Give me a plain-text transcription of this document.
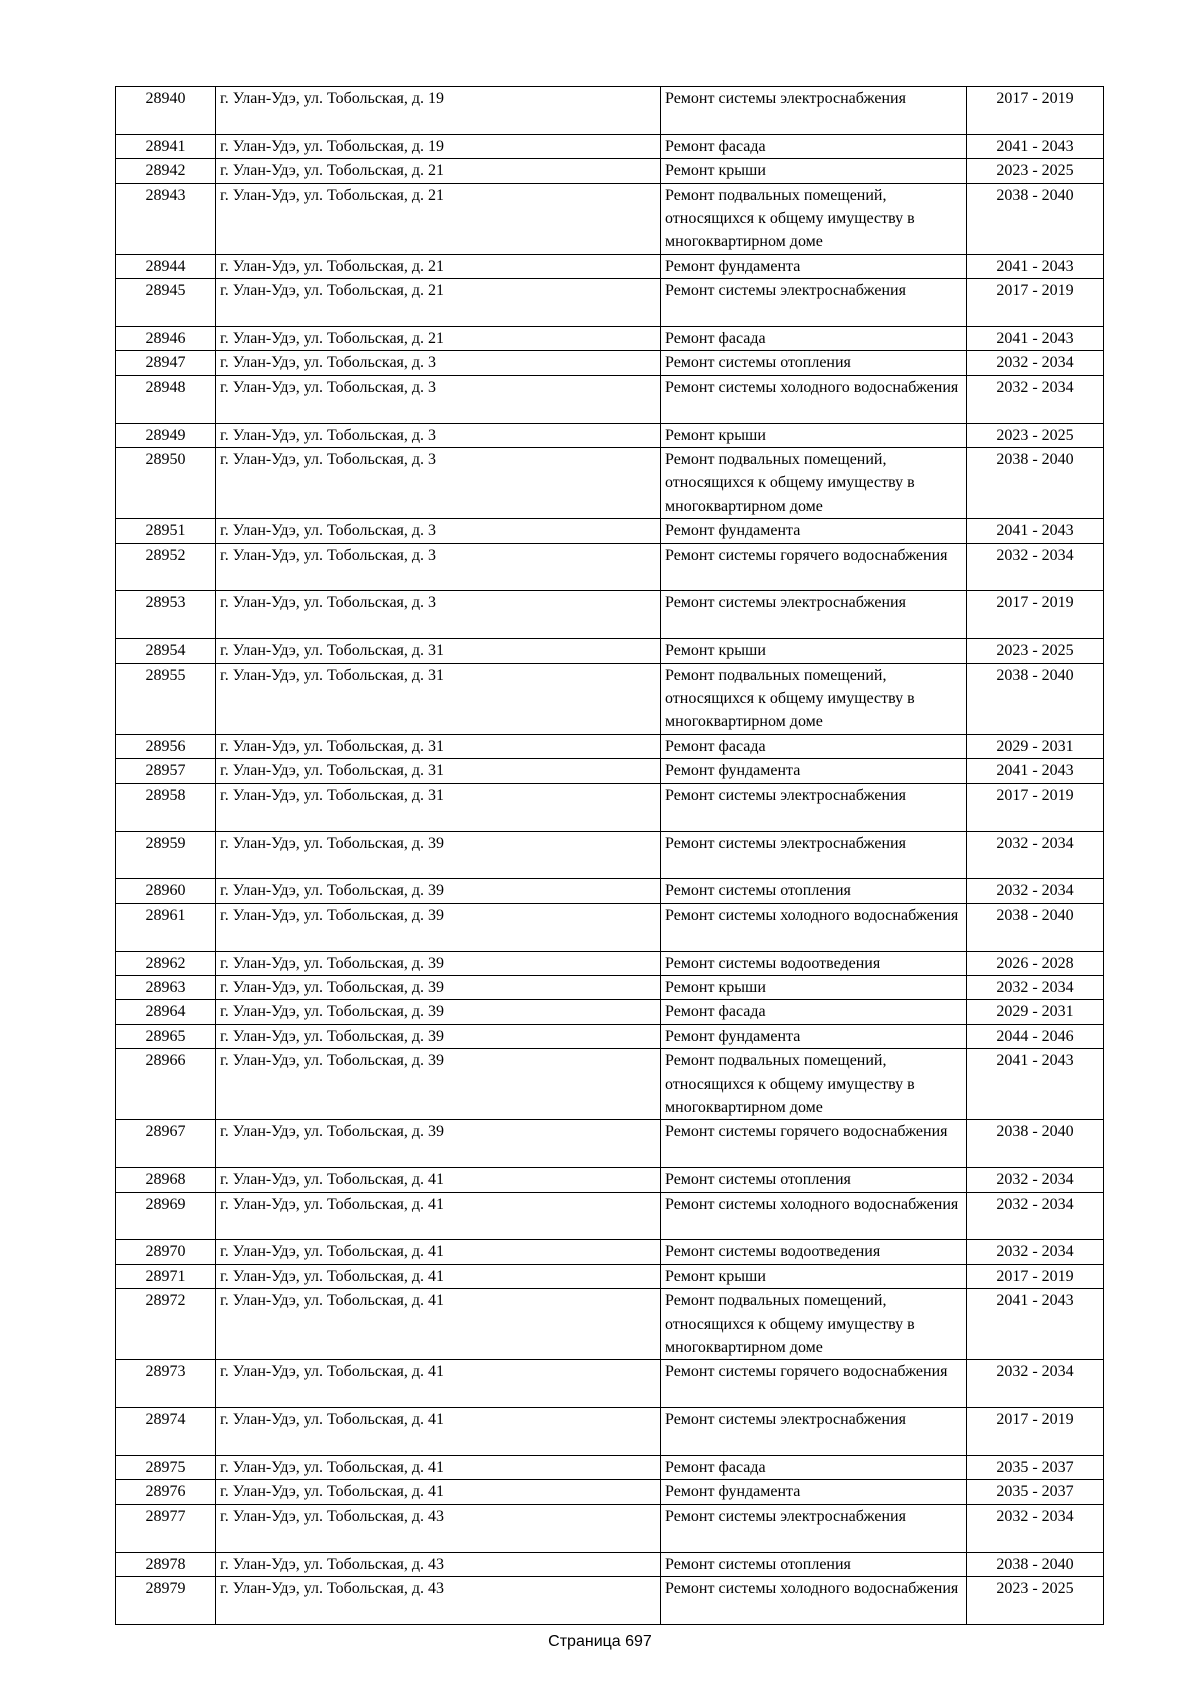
28940	г. Улан-Удэ, ул. Тобольская, д. 19	Ремонт системы электроснабжения	2017 - 2019
28941	г. Улан-Удэ, ул. Тобольская, д. 19	Ремонт фасада	2041 - 2043
28942	г. Улан-Удэ, ул. Тобольская, д. 21	Ремонт крыши	2023 - 2025
28943	г. Улан-Удэ, ул. Тобольская, д. 21	Ремонт подвальных помещений, относящихся к общему имуществу в многоквартирном доме	2038 - 2040
28944	г. Улан-Удэ, ул. Тобольская, д. 21	Ремонт фундамента	2041 - 2043
28945	г. Улан-Удэ, ул. Тобольская, д. 21	Ремонт системы электроснабжения	2017 - 2019
28946	г. Улан-Удэ, ул. Тобольская, д. 21	Ремонт фасада	2041 - 2043
28947	г. Улан-Удэ, ул. Тобольская, д. 3	Ремонт системы отопления	2032 - 2034
28948	г. Улан-Удэ, ул. Тобольская, д. 3	Ремонт системы холодного водоснабжения	2032 - 2034
28949	г. Улан-Удэ, ул. Тобольская, д. 3	Ремонт крыши	2023 - 2025
28950	г. Улан-Удэ, ул. Тобольская, д. 3	Ремонт подвальных помещений, относящихся к общему имуществу в многоквартирном доме	2038 - 2040
28951	г. Улан-Удэ, ул. Тобольская, д. 3	Ремонт фундамента	2041 - 2043
28952	г. Улан-Удэ, ул. Тобольская, д. 3	Ремонт системы горячего водоснабжения	2032 - 2034
28953	г. Улан-Удэ, ул. Тобольская, д. 3	Ремонт системы электроснабжения	2017 - 2019
28954	г. Улан-Удэ, ул. Тобольская, д. 31	Ремонт крыши	2023 - 2025
28955	г. Улан-Удэ, ул. Тобольская, д. 31	Ремонт подвальных помещений, относящихся к общему имуществу в многоквартирном доме	2038 - 2040
28956	г. Улан-Удэ, ул. Тобольская, д. 31	Ремонт фасада	2029 - 2031
28957	г. Улан-Удэ, ул. Тобольская, д. 31	Ремонт фундамента	2041 - 2043
28958	г. Улан-Удэ, ул. Тобольская, д. 31	Ремонт системы электроснабжения	2017 - 2019
28959	г. Улан-Удэ, ул. Тобольская, д. 39	Ремонт системы электроснабжения	2032 - 2034
28960	г. Улан-Удэ, ул. Тобольская, д. 39	Ремонт системы отопления	2032 - 2034
28961	г. Улан-Удэ, ул. Тобольская, д. 39	Ремонт системы холодного водоснабжения	2038 - 2040
28962	г. Улан-Удэ, ул. Тобольская, д. 39	Ремонт системы водоотведения	2026 - 2028
28963	г. Улан-Удэ, ул. Тобольская, д. 39	Ремонт крыши	2032 - 2034
28964	г. Улан-Удэ, ул. Тобольская, д. 39	Ремонт фасада	2029 - 2031
28965	г. Улан-Удэ, ул. Тобольская, д. 39	Ремонт фундамента	2044 - 2046
28966	г. Улан-Удэ, ул. Тобольская, д. 39	Ремонт подвальных помещений, относящихся к общему имуществу в многоквартирном доме	2041 - 2043
28967	г. Улан-Удэ, ул. Тобольская, д. 39	Ремонт системы горячего водоснабжения	2038 - 2040
28968	г. Улан-Удэ, ул. Тобольская, д. 41	Ремонт системы отопления	2032 - 2034
28969	г. Улан-Удэ, ул. Тобольская, д. 41	Ремонт системы холодного водоснабжения	2032 - 2034
28970	г. Улан-Удэ, ул. Тобольская, д. 41	Ремонт системы водоотведения	2032 - 2034
28971	г. Улан-Удэ, ул. Тобольская, д. 41	Ремонт крыши	2017 - 2019
28972	г. Улан-Удэ, ул. Тобольская, д. 41	Ремонт подвальных помещений, относящихся к общему имуществу в многоквартирном доме	2041 - 2043
28973	г. Улан-Удэ, ул. Тобольская, д. 41	Ремонт системы горячего водоснабжения	2032 - 2034
28974	г. Улан-Удэ, ул. Тобольская, д. 41	Ремонт системы электроснабжения	2017 - 2019
28975	г. Улан-Удэ, ул. Тобольская, д. 41	Ремонт фасада	2035 - 2037
28976	г. Улан-Удэ, ул. Тобольская, д. 41	Ремонт фундамента	2035 - 2037
28977	г. Улан-Удэ, ул. Тобольская, д. 43	Ремонт системы электроснабжения	2032 - 2034
28978	г. Улан-Удэ, ул. Тобольская, д. 43	Ремонт системы отопления	2038 - 2040
28979	г. Улан-Удэ, ул. Тобольская, д. 43	Ремонт системы холодного водоснабжения	2023 - 2025
Страница 697
